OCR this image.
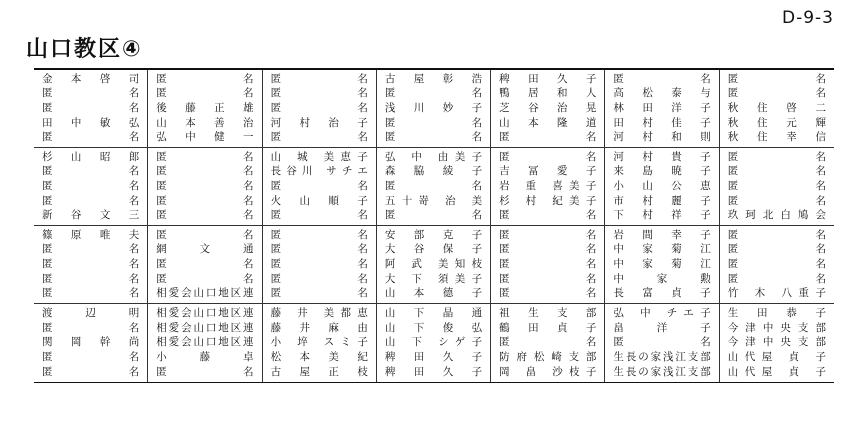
D-9-3
山口教区④
金 本 啓 司
匿 名
匿 名
田 中 敏 弘
匿 名
匿 名
匿 名
後 藤 正 雄
山 本 善 治
弘 中 健 一
匿 名
匿 名
匿 名
河 村 治 子
匿 名
古 屋 彰 浩
匿 名
浅 川 妙 子
匿 名
匿 名
稗 田 久 子
鴨 居 和 人
芝 谷 治 晃
山 本 隆 道
匿 名
匿 名
高 松 泰 与
林 田 洋 子
田 村 佳 子
河 村 和 則
匿 名
匿 名
秋 住 啓 二
秋 住 元 輝
秋 住 幸 信
杉 山 昭 郎
匿 名
匿 名
匿 名
新 谷 文 三
匿 名
匿 名
匿 名
匿 名
匿 名
山 城 美恵子
長谷川 サチエ
匿 名
火 山 順 子
匿 名
弘 中 由美子
森 脇 綾 子
匿 名
五十嵜 治 美
匿 名
匿 名
吉 冨 愛 子
岩 重 喜美子
杉 村 紀美子
匿 名
河 村 貴 子
来 島 暁 子
小 山 公 恵
市 村 麗 子
下 村 祥 子
匿 名
匿 名
匿 名
匿 名
玖珂北白鳩会
篠 原 唯 夫
匿 名
匿 名
匿 名
匿 名
匿 名
網 文 通
匿 名
匿 名
相愛会山口地区連
匿 名
匿 名
匿 名
匿 名
匿 名
安 部 克 子
大 谷 保 子
阿 武 美知枝
大 下 須美子
山 本 德 子
匿 名
匿 名
匿 名
匿 名
匿 名
岩 間 幸 子
中 家 菊 江
中 家 菊 江
中 家 勲
長 富 貞 子
匿 名
匿 名
匿 名
匿 名
竹 木 八重子
渡 辺 明
匿 名
関 岡 幹 尚
匿 名
匿 名
相愛会山口地区連
相愛会山口地区連
相愛会山口地区連
小 藤 卓
匿 名
藤 井 美都恵
藤 井 麻 由
小 埣 スミ子
松 本 美 紀
古 屋 正 枝
山 下 晶 通
山 下 俊 弘
山 下 シゲ子
稗 田 久 子
稗 田 久 子
祖 生 支 部
鶴 田 貞 子
匿 名
防府松崎支部
岡 畠 沙枝子
弘 中 チエ子
畠 洋 子
匿 名
生長の家浅江支部
生長の家浅江支部
生 田 恭 子
今津中央支部
今津中央支部
山代屋 貞 子
山代屋 貞 子
